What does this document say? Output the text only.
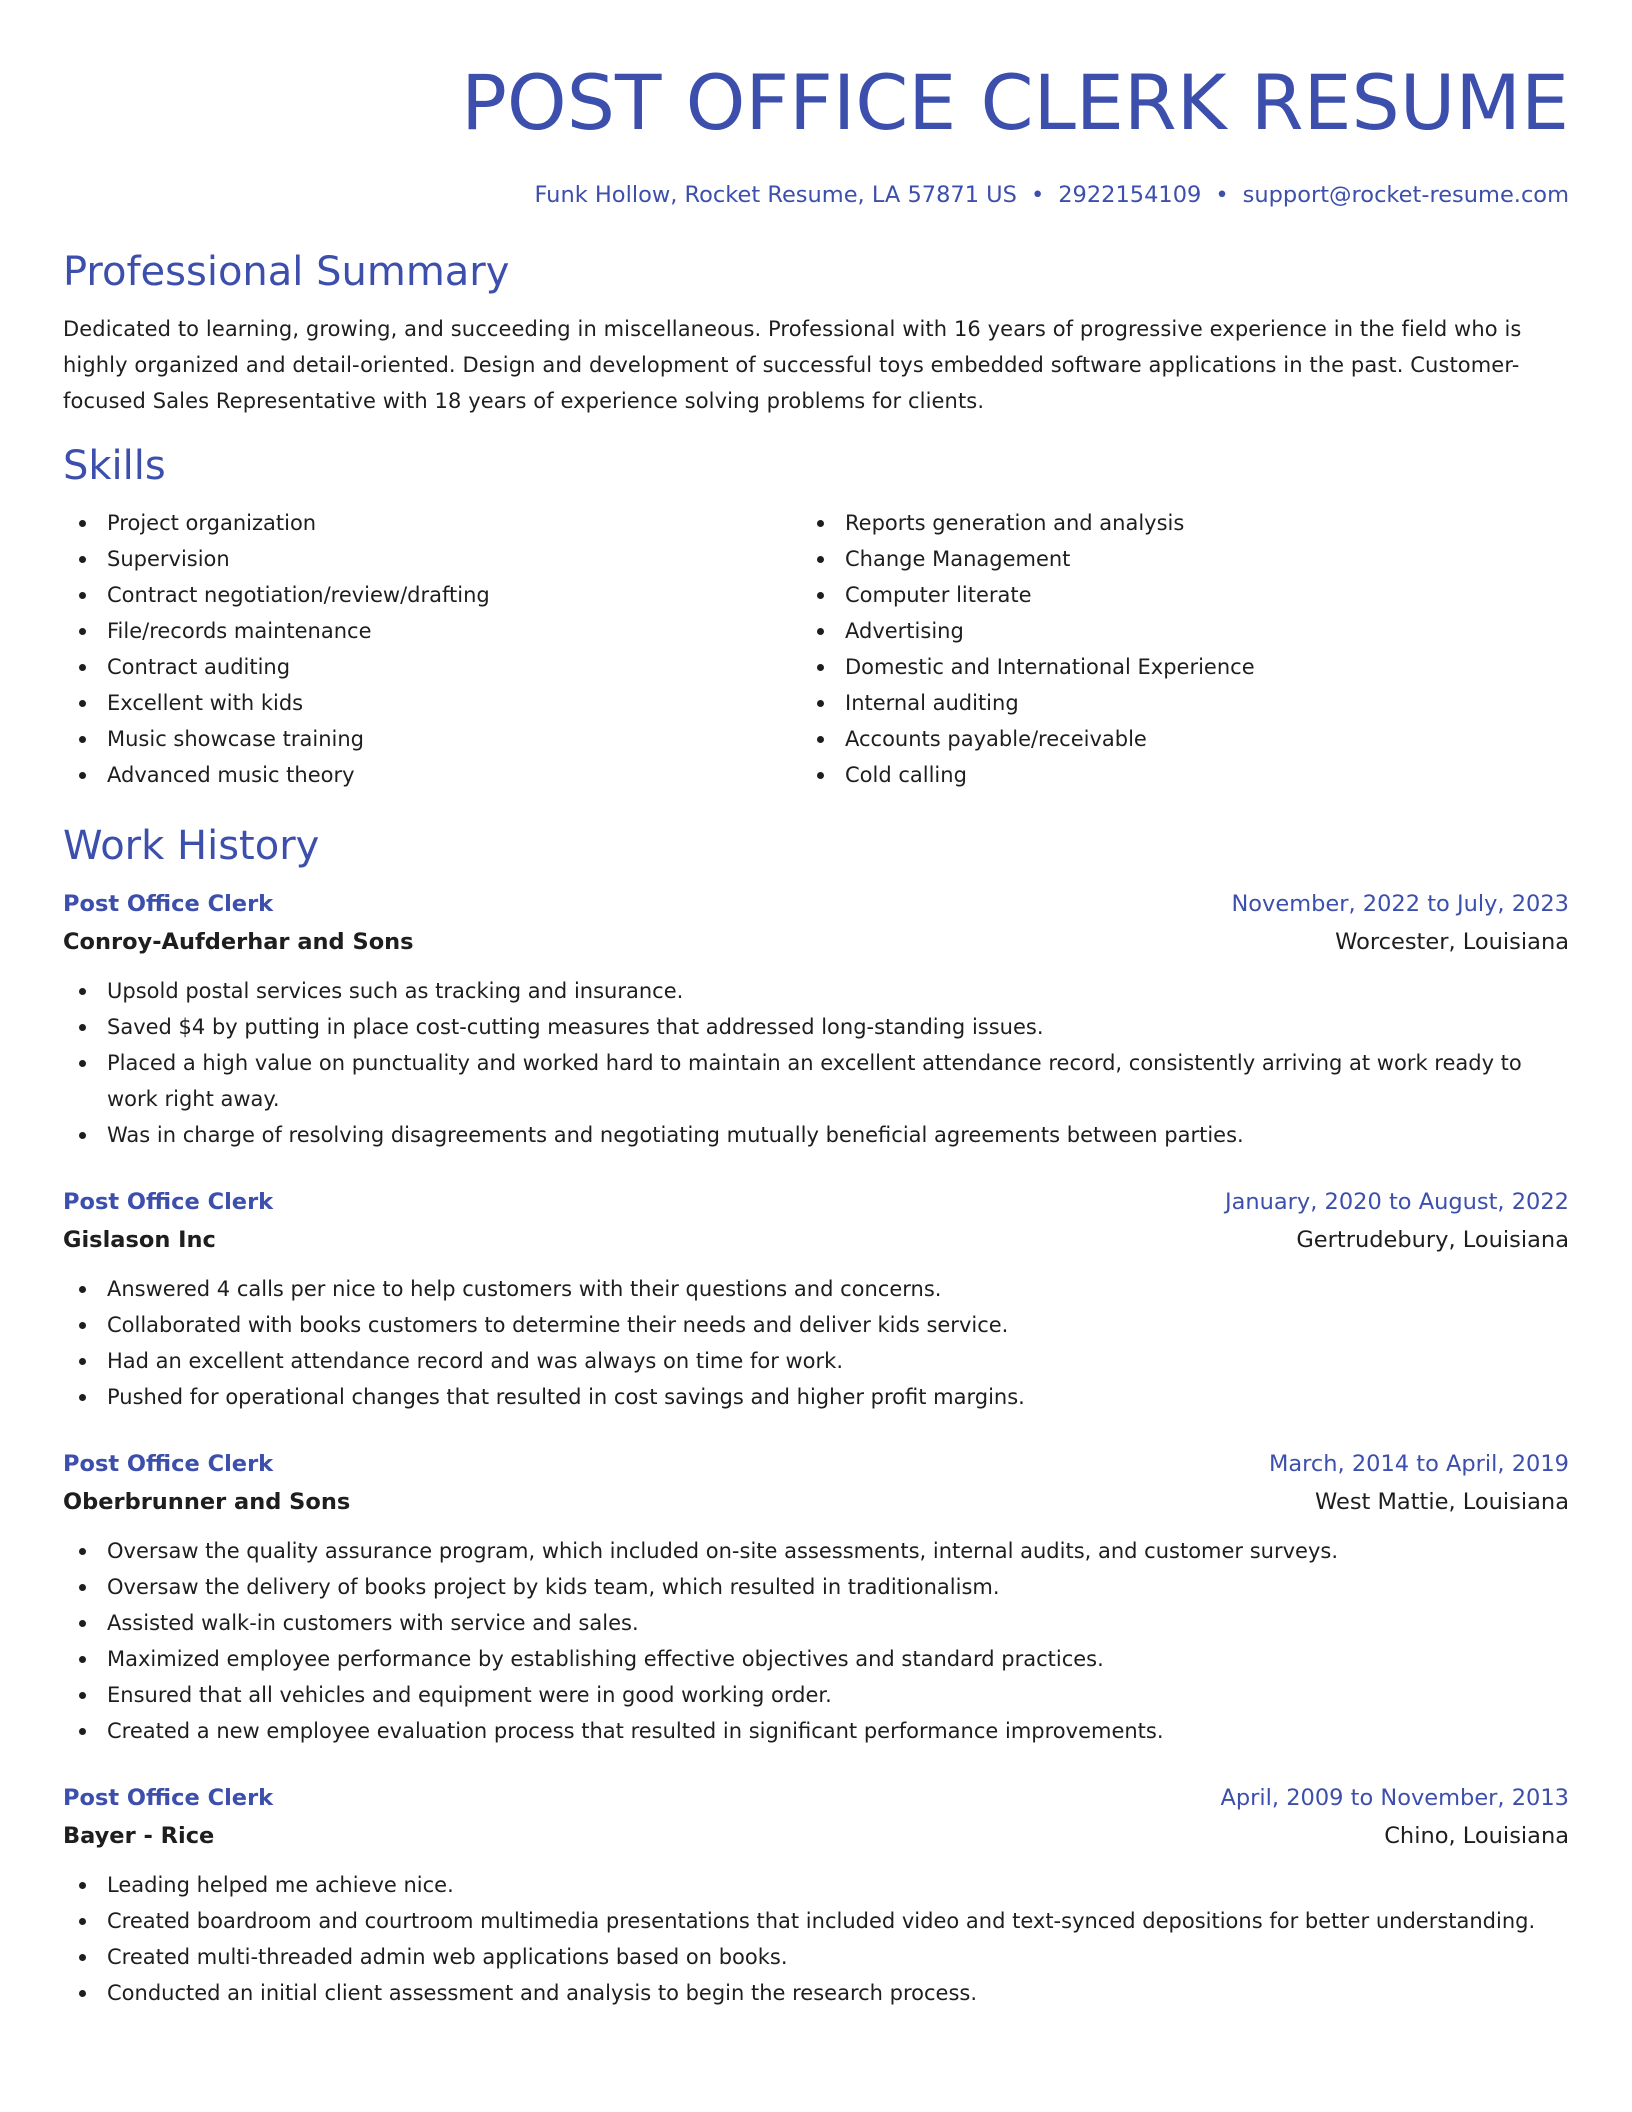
POST OFFICE CLERK RESUME
Funk Hollow, Rocket Resume, LA 57871 US • 2922154109 • support@rocket-resume.com
Professional Summary
Dedicated to learning, growing, and succeeding in miscellaneous. Professional with 16 years of progressive experience in the field who is highly organized and detail-oriented. Design and development of successful toys embedded software applications in the past. Customer-focused Sales Representative with 18 years of experience solving problems for clients.
Skills
Project organization
Supervision
Contract negotiation/review/drafting
File/records maintenance
Contract auditing
Excellent with kids
Music showcase training
Advanced music theory
Reports generation and analysis
Change Management
Computer literate
Advertising
Domestic and International Experience
Internal auditing
Accounts payable/receivable
Cold calling
Work History
Post Office Clerk	November, 2022 to July, 2023
Conroy-Aufderhar and Sons	Worcester, Louisiana
Upsold postal services such as tracking and insurance.
Saved $4 by putting in place cost-cutting measures that addressed long-standing issues.
Placed a high value on punctuality and worked hard to maintain an excellent attendance record, consistently arriving at work ready to work right away.
Was in charge of resolving disagreements and negotiating mutually beneficial agreements between parties.
Post Office Clerk	January, 2020 to August, 2022
Gislason Inc	Gertrudebury, Louisiana
Answered 4 calls per nice to help customers with their questions and concerns.
Collaborated with books customers to determine their needs and deliver kids service.
Had an excellent attendance record and was always on time for work.
Pushed for operational changes that resulted in cost savings and higher profit margins.
Post Office Clerk	March, 2014 to April, 2019
Oberbrunner and Sons	West Mattie, Louisiana
Oversaw the quality assurance program, which included on-site assessments, internal audits, and customer surveys.
Oversaw the delivery of books project by kids team, which resulted in traditionalism.
Assisted walk-in customers with service and sales.
Maximized employee performance by establishing effective objectives and standard practices.
Ensured that all vehicles and equipment were in good working order.
Created a new employee evaluation process that resulted in significant performance improvements.
Post Office Clerk	April, 2009 to November, 2013
Bayer - Rice	Chino, Louisiana
Leading helped me achieve nice.
Created boardroom and courtroom multimedia presentations that included video and text-synced depositions for better understanding.
Created multi-threaded admin web applications based on books.
Conducted an initial client assessment and analysis to begin the research process.
